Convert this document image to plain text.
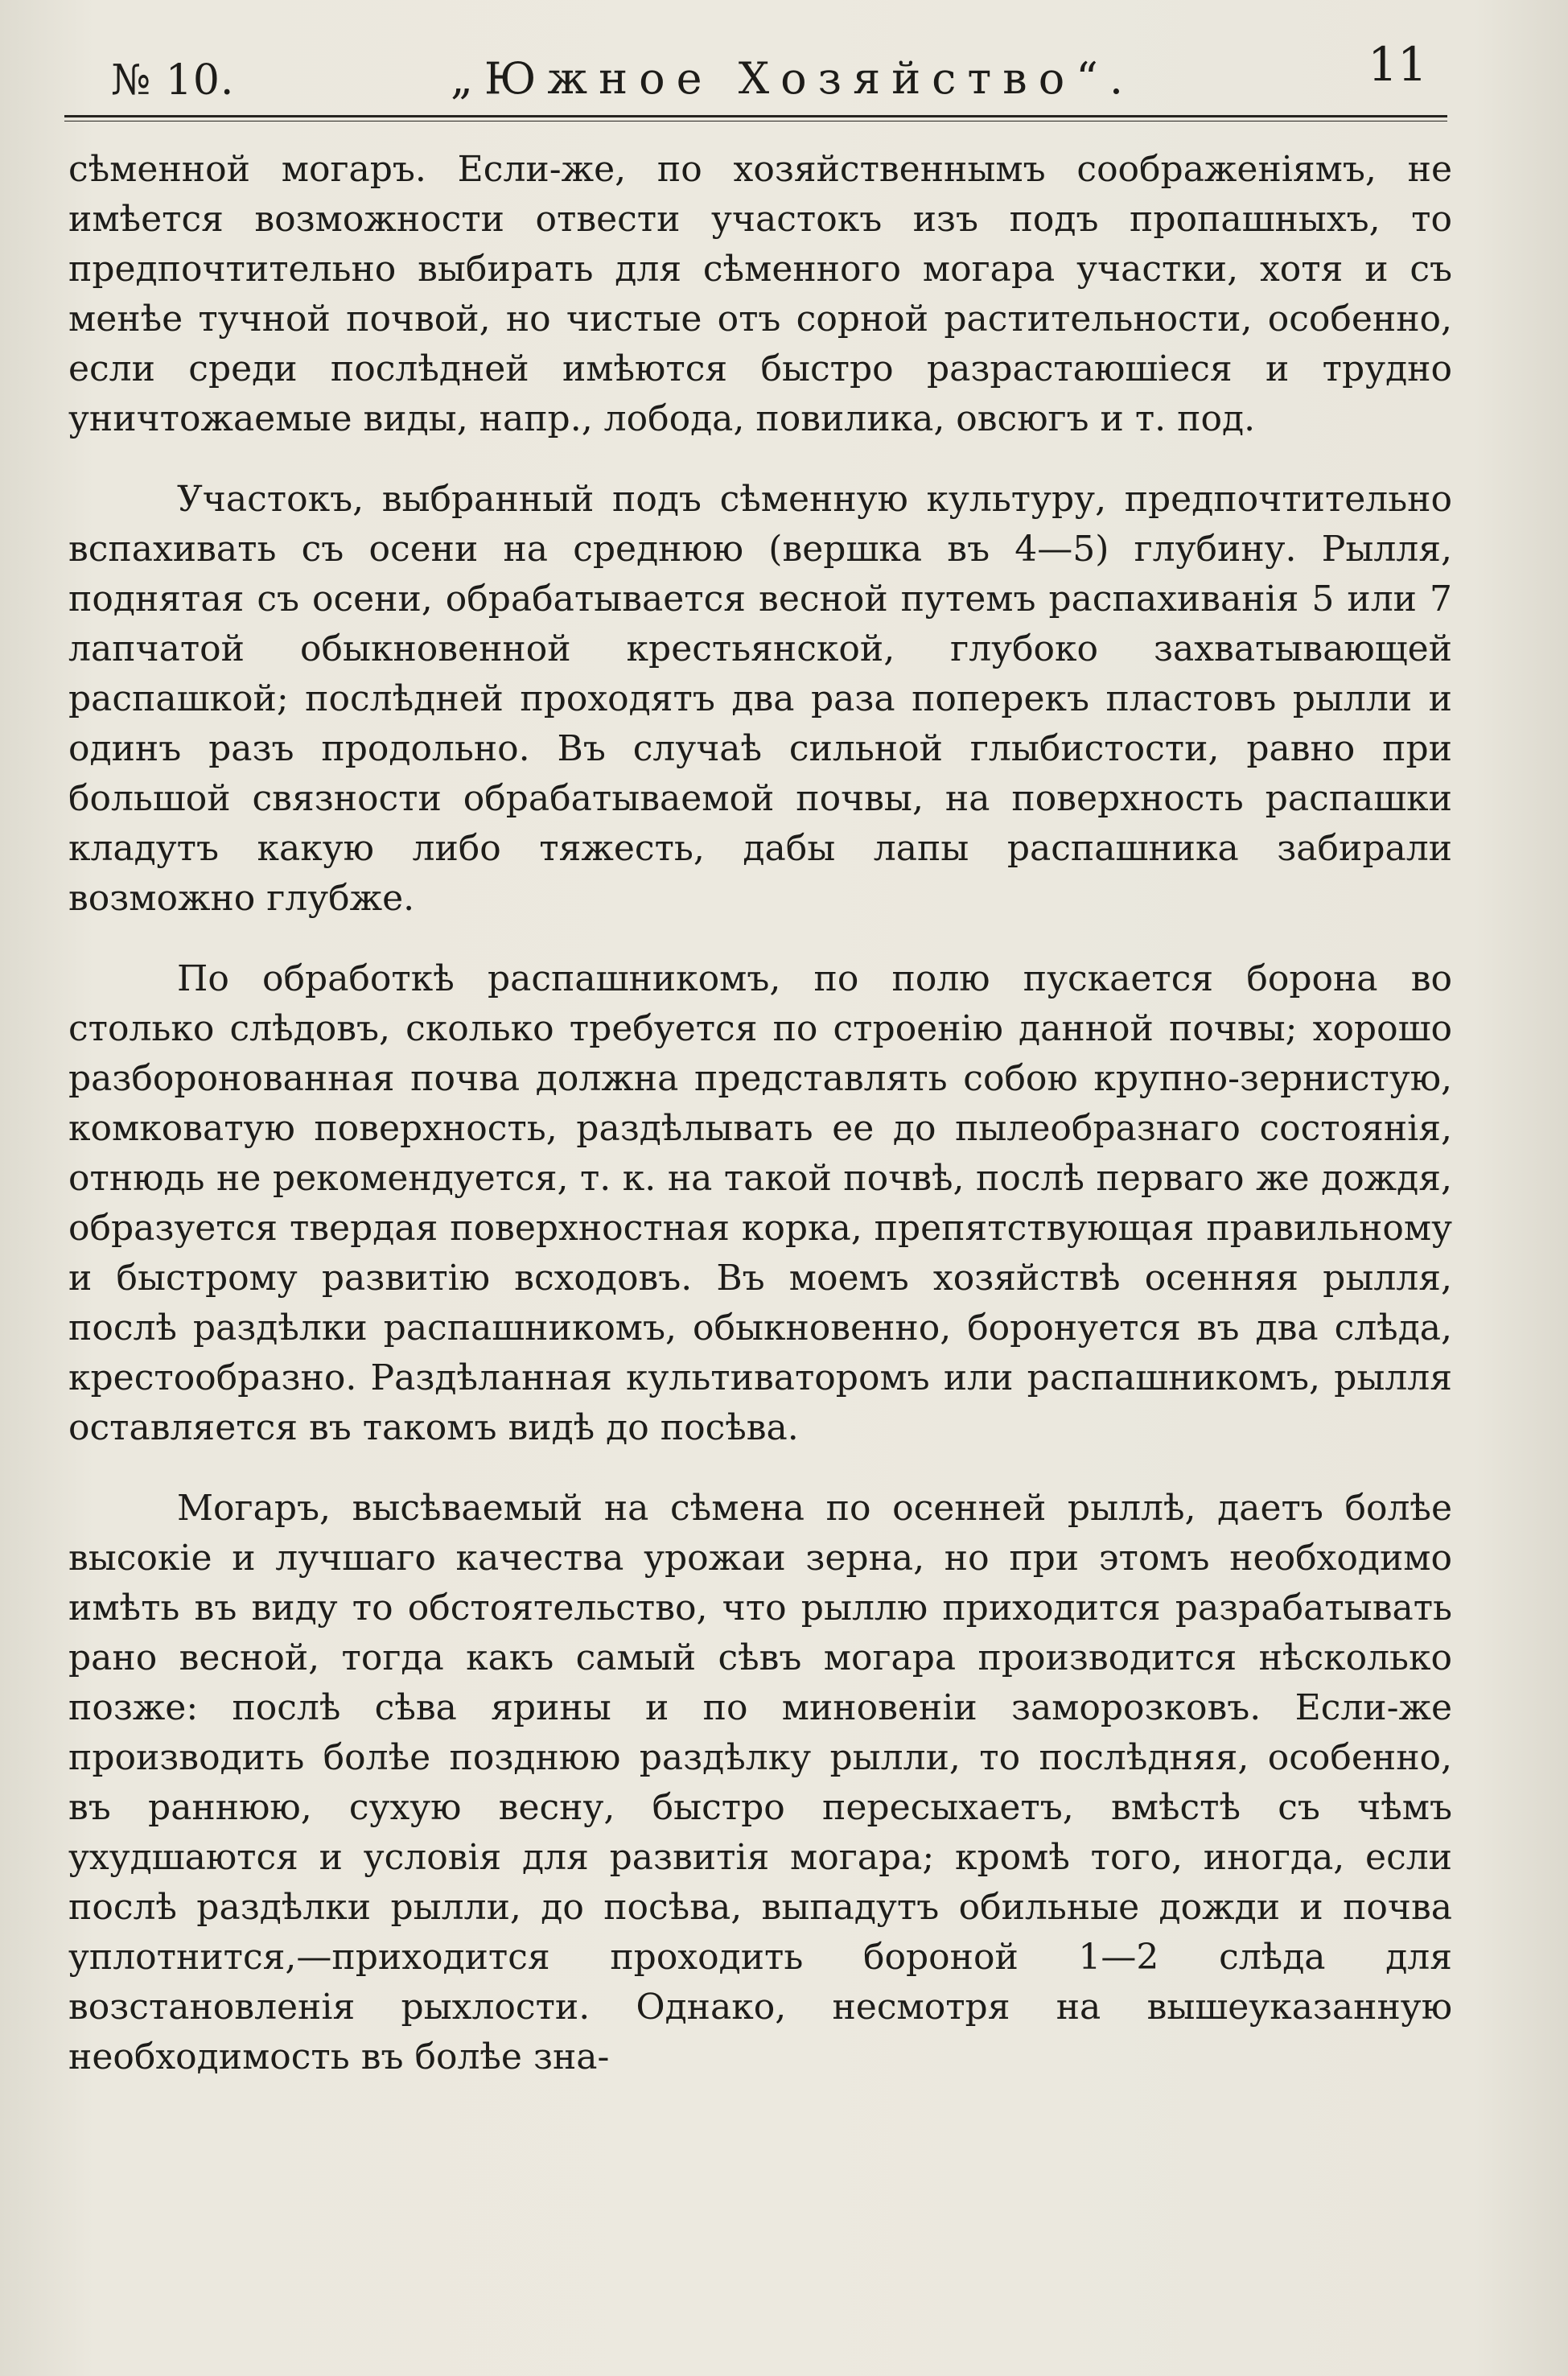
№ 10.	„Южное Хозяйство“.	11

сѣменной могаръ. Если-же, по хозяйственнымъ соображеніямъ, не имѣется возможности отвести участокъ изъ подъ пропашныхъ, то предпочтительно выбирать для сѣменного могара участки, хотя и съ менѣе тучной почвой, но чистые отъ сорной растительности, особенно, если среди послѣдней имѣются быстро разрастаюшіеся и трудно уничтожаемые виды, напр., лобода, повилика, овсюгъ и т. под.

Участокъ, выбранный подъ сѣменную культуру, предпочтительно вспахивать съ осени на среднюю (вершка въ 4—5) глубину. Рылля, поднятая съ осени, обрабатывается весной путемъ распахиванія 5 или 7 лапчатой обыкновенной крестьянской, глубоко захватывающей распашкой; послѣдней проходятъ два раза поперекъ пластовъ рылли и одинъ разъ продольно. Въ случаѣ сильной глыбистости, равно при большой связности обрабатываемой почвы, на поверхность распашки кладутъ какую либо тяжесть, дабы лапы распашника забирали возможно глубже.

По обработкѣ распашникомъ, по полю пускается борона во столько слѣдовъ, сколько требуется по строенію данной почвы; хорошо разборонованная почва должна представлять собою крупно-зернистую, комковатую поверхность, раздѣлывать ее до пылеобразнаго состоянія, отнюдь не рекомендуется, т. к. на такой почвѣ, послѣ перваго же дождя, образуется твердая поверхностная корка, препятствующая правильному и быстрому развитію всходовъ. Въ моемъ хозяйствѣ осенняя рылля, послѣ раздѣлки распашникомъ, обыкновенно, боронуется въ два слѣда, крестообразно. Раздѣланная культиваторомъ или распашникомъ, рылля оставляется въ такомъ видѣ до посѣва.

Могаръ, высѣваемый на сѣмена по осенней рыллѣ, даетъ болѣе высокіе и лучшаго качества урожаи зерна, но при этомъ необходимо имѣть въ виду то обстоятельство, что рыллю приходится разрабатывать рано весной, тогда какъ самый сѣвъ могара производится нѣсколько позже: послѣ сѣва ярины и по миновеніи заморозковъ. Если-же производить болѣе позднюю раздѣлку рылли, то послѣдняя, особенно, въ раннюю, сухую весну, быстро пересыхаетъ, вмѣстѣ съ чѣмъ ухудшаются и условія для развитія могара; кромѣ того, иногда, если послѣ раздѣлки рылли, до посѣва, выпадутъ обильные дожди и почва уплотнится,—приходится проходить бороной 1—2 слѣда для возстановленія рыхлости. Однако, несмотря на вышеуказанную необходимость въ болѣе зна-
